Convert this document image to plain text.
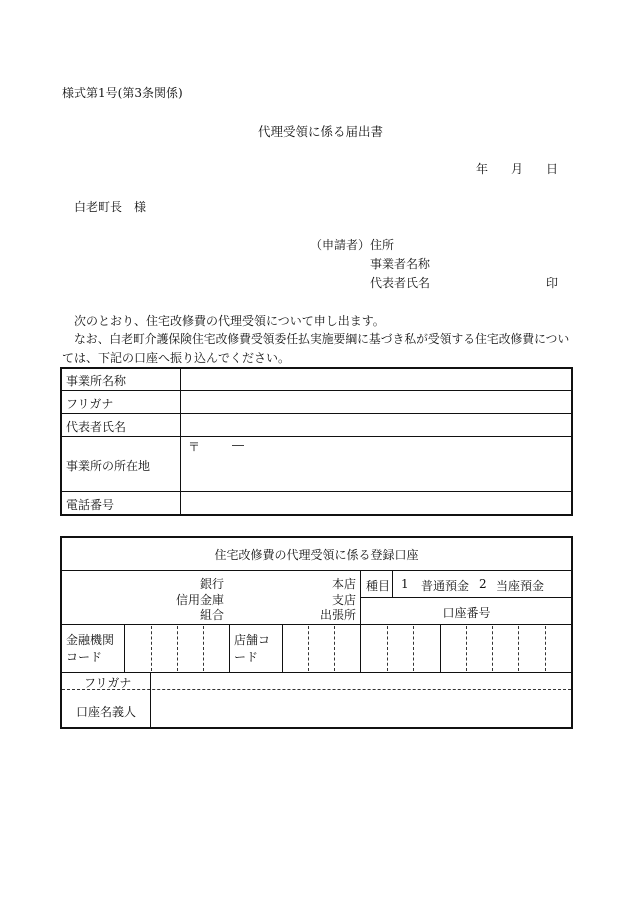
様式第1号(第3条関係)
代理受領に係る届出書
年 月 日
白老町長　様
（申請者） 住所
事業者名称
代表者氏名	印
次のとおり、住宅改修費の代理受領について申し出ます。
なお、白老町介護保険住宅改修費受領委任払実施要綱に基づき私が受領する住宅改修費につい
ては、下記の口座へ振り込んでください。
事業所名称
フリガナ
代表者氏名
事業所の所在地
電話番号
〒	―
住宅改修費の代理受領に係る登録口座
銀行
信用金庫
組合
本店
支店
出張所
種目 1 普通預金 2 当座預金
口座番号
金融機関
コード
店舗コ
ード
フリガナ
口座名義人
